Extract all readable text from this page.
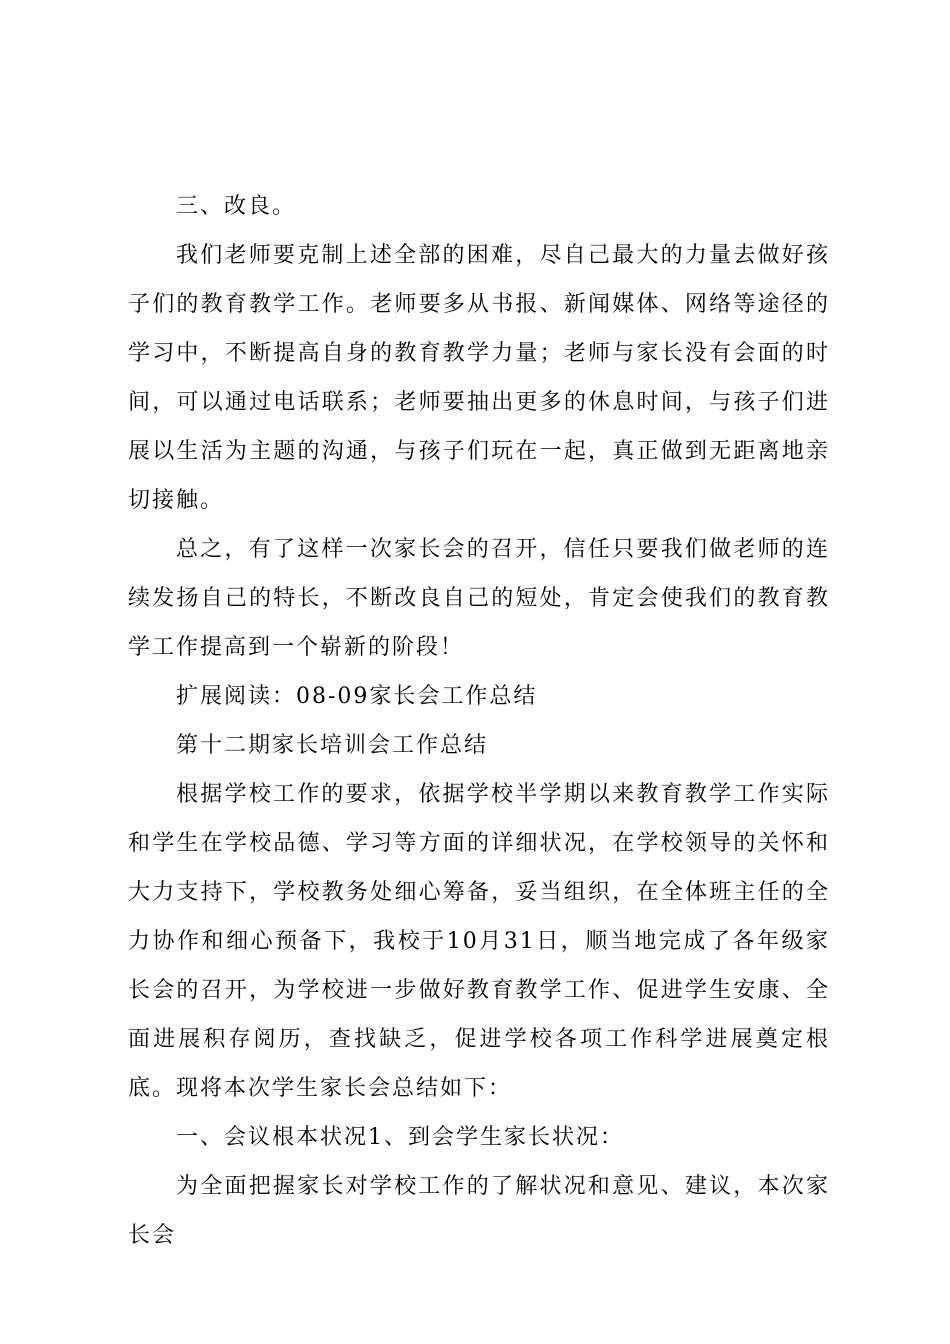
三、改良。

我们老师要克制上述全部的困难，尽自己最大的力量去做好孩子们的教育教学工作。老师要多从书报、新闻媒体、网络等途径的学习中，不断提高自身的教育教学力量；老师与家长没有会面的时间，可以通过电话联系；老师要抽出更多的休息时间，与孩子们进展以生活为主题的沟通，与孩子们玩在一起，真正做到无距离地亲切接触。

总之，有了这样一次家长会的召开，信任只要我们做老师的连续发扬自己的特长，不断改良自己的短处，肯定会使我们的教育教学工作提高到一个崭新的阶段！

扩展阅读：08-09家长会工作总结

第十二期家长培训会工作总结

根据学校工作的要求，依据学校半学期以来教育教学工作实际和学生在学校品德、学习等方面的详细状况，在学校领导的关怀和大力支持下，学校教务处细心筹备，妥当组织，在全体班主任的全力协作和细心预备下，我校于10月31日，顺当地完成了各年级家长会的召开，为学校进一步做好教育教学工作、促进学生安康、全面进展积存阅历，查找缺乏，促进学校各项工作科学进展奠定根底。现将本次学生家长会总结如下：

一、会议根本状况1、到会学生家长状况：

为全面把握家长对学校工作的了解状况和意见、建议，本次家长会
